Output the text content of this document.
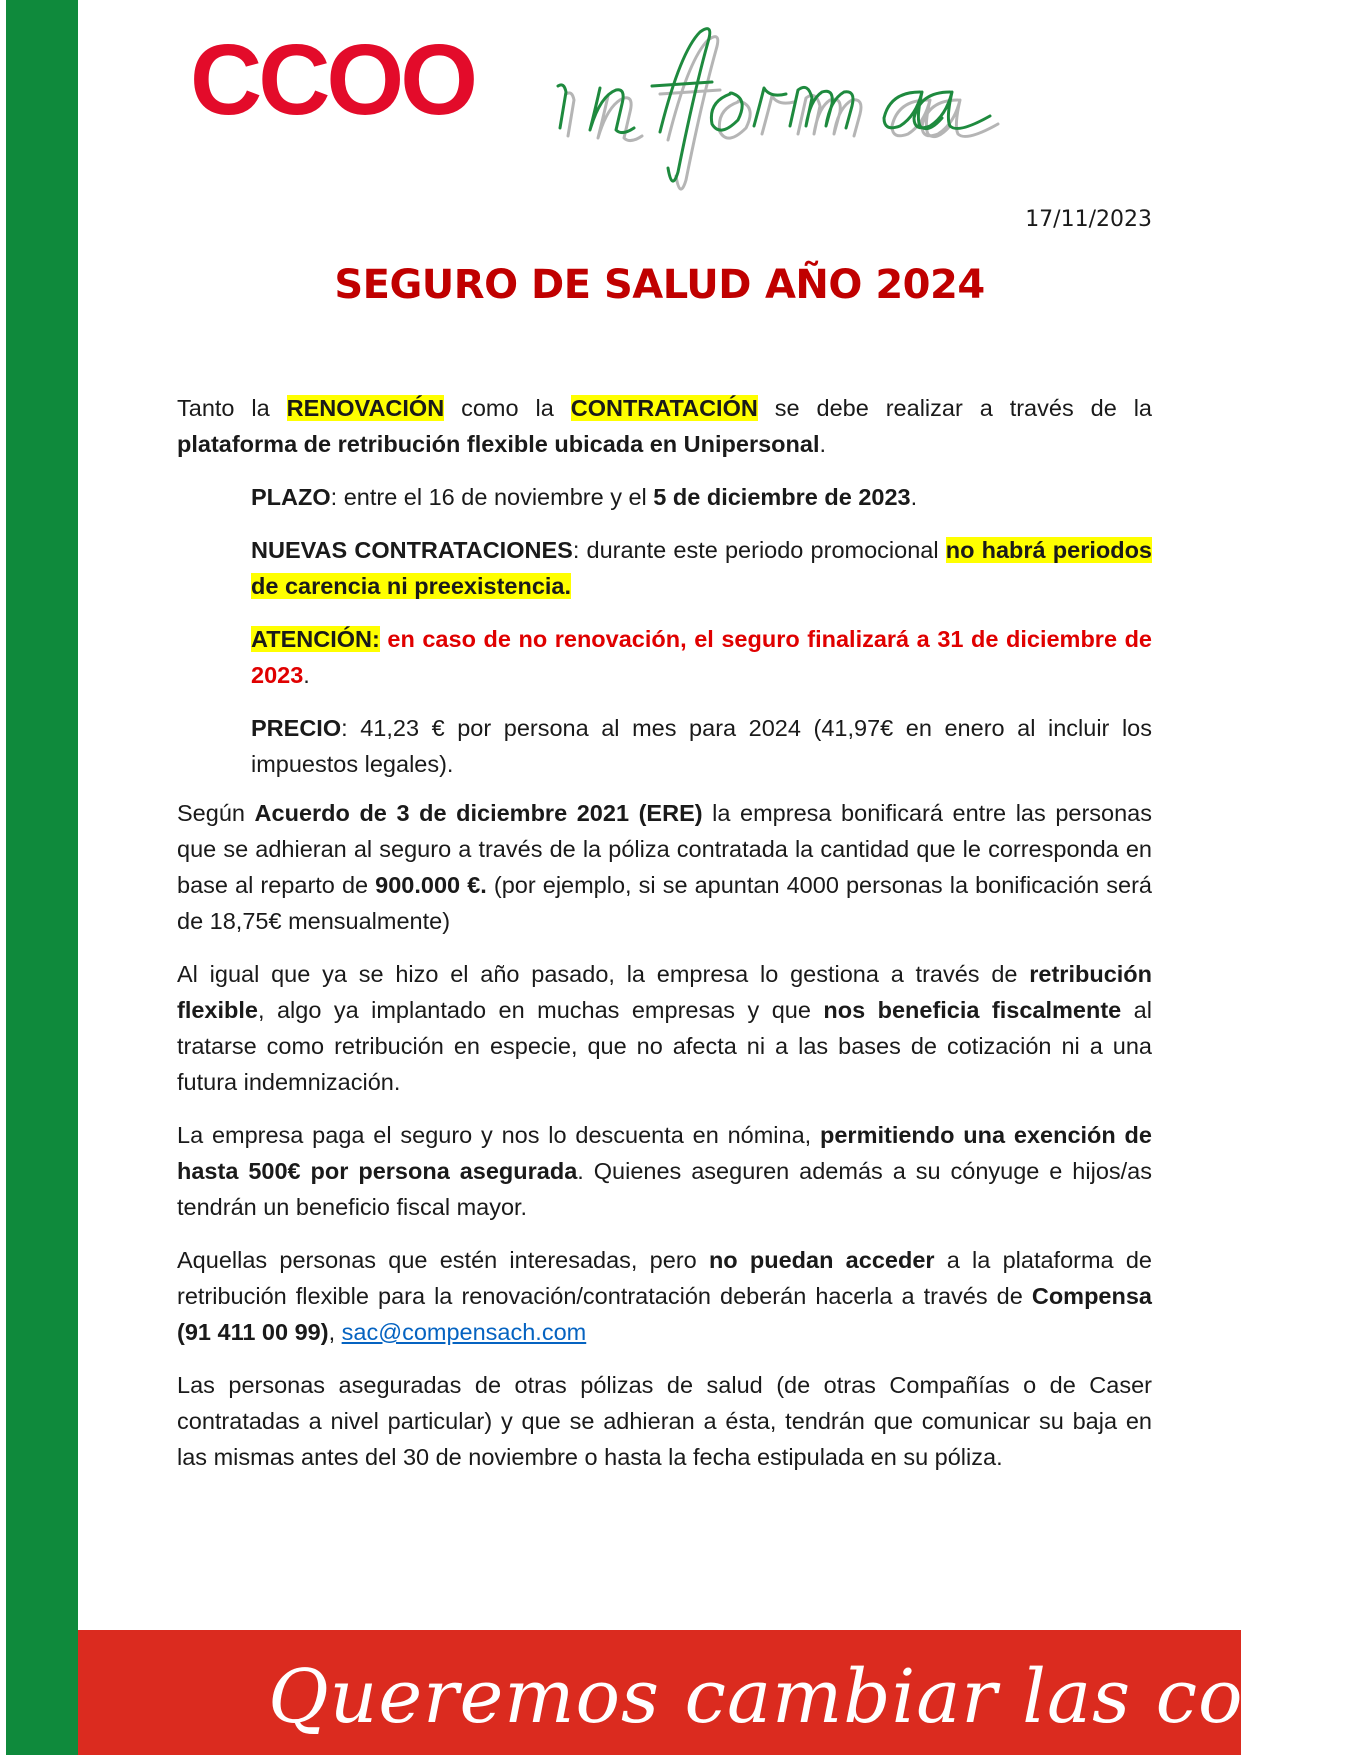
CCOO
17/11/2023
SEGURO DE SALUD AÑO 2024

Tanto la RENOVACIÓN como la CONTRATACIÓN se debe realizar a través de la plataforma de retribución flexible ubicada en Unipersonal.

PLAZO: entre el 16 de noviembre y el 5 de diciembre de 2023.

NUEVAS CONTRATACIONES: durante este periodo promocional no habrá periodos de carencia ni preexistencia.

ATENCIÓN: en caso de no renovación, el seguro finalizará a 31 de diciembre de 2023.

PRECIO: 41,23 € por persona al mes para 2024 (41,97€ en enero al incluir los impuestos legales).

Según Acuerdo de 3 de diciembre 2021 (ERE) la empresa bonificará entre las personas que se adhieran al seguro a través de la póliza contratada la cantidad que le corresponda en base al reparto de 900.000 €. (por ejemplo, si se apuntan 4000 personas la bonificación será de 18,75€ mensualmente)

Al igual que ya se hizo el año pasado, la empresa lo gestiona a través de retribución flexible, algo ya implantado en muchas empresas y que nos beneficia fiscalmente al tratarse como retribución en especie, que no afecta ni a las bases de cotización ni a una futura indemnización.

La empresa paga el seguro y nos lo descuenta en nómina, permitiendo una exención de hasta 500€ por persona asegurada. Quienes aseguren además a su cónyuge e hijos/as tendrán un beneficio fiscal mayor.

Aquellas personas que estén interesadas, pero no puedan acceder a la plataforma de retribución flexible para la renovación/contratación deberán hacerla a través de Compensa (91 411 00 99), sac@compensach.com

Las personas aseguradas de otras pólizas de salud (de otras Compañías o de Caser contratadas a nivel particular) y que se adhieran a ésta, tendrán que comunicar su baja en las mismas antes del 30 de noviembre o hasta la fecha estipulada en su póliza.

Queremos cambiar las cosas
